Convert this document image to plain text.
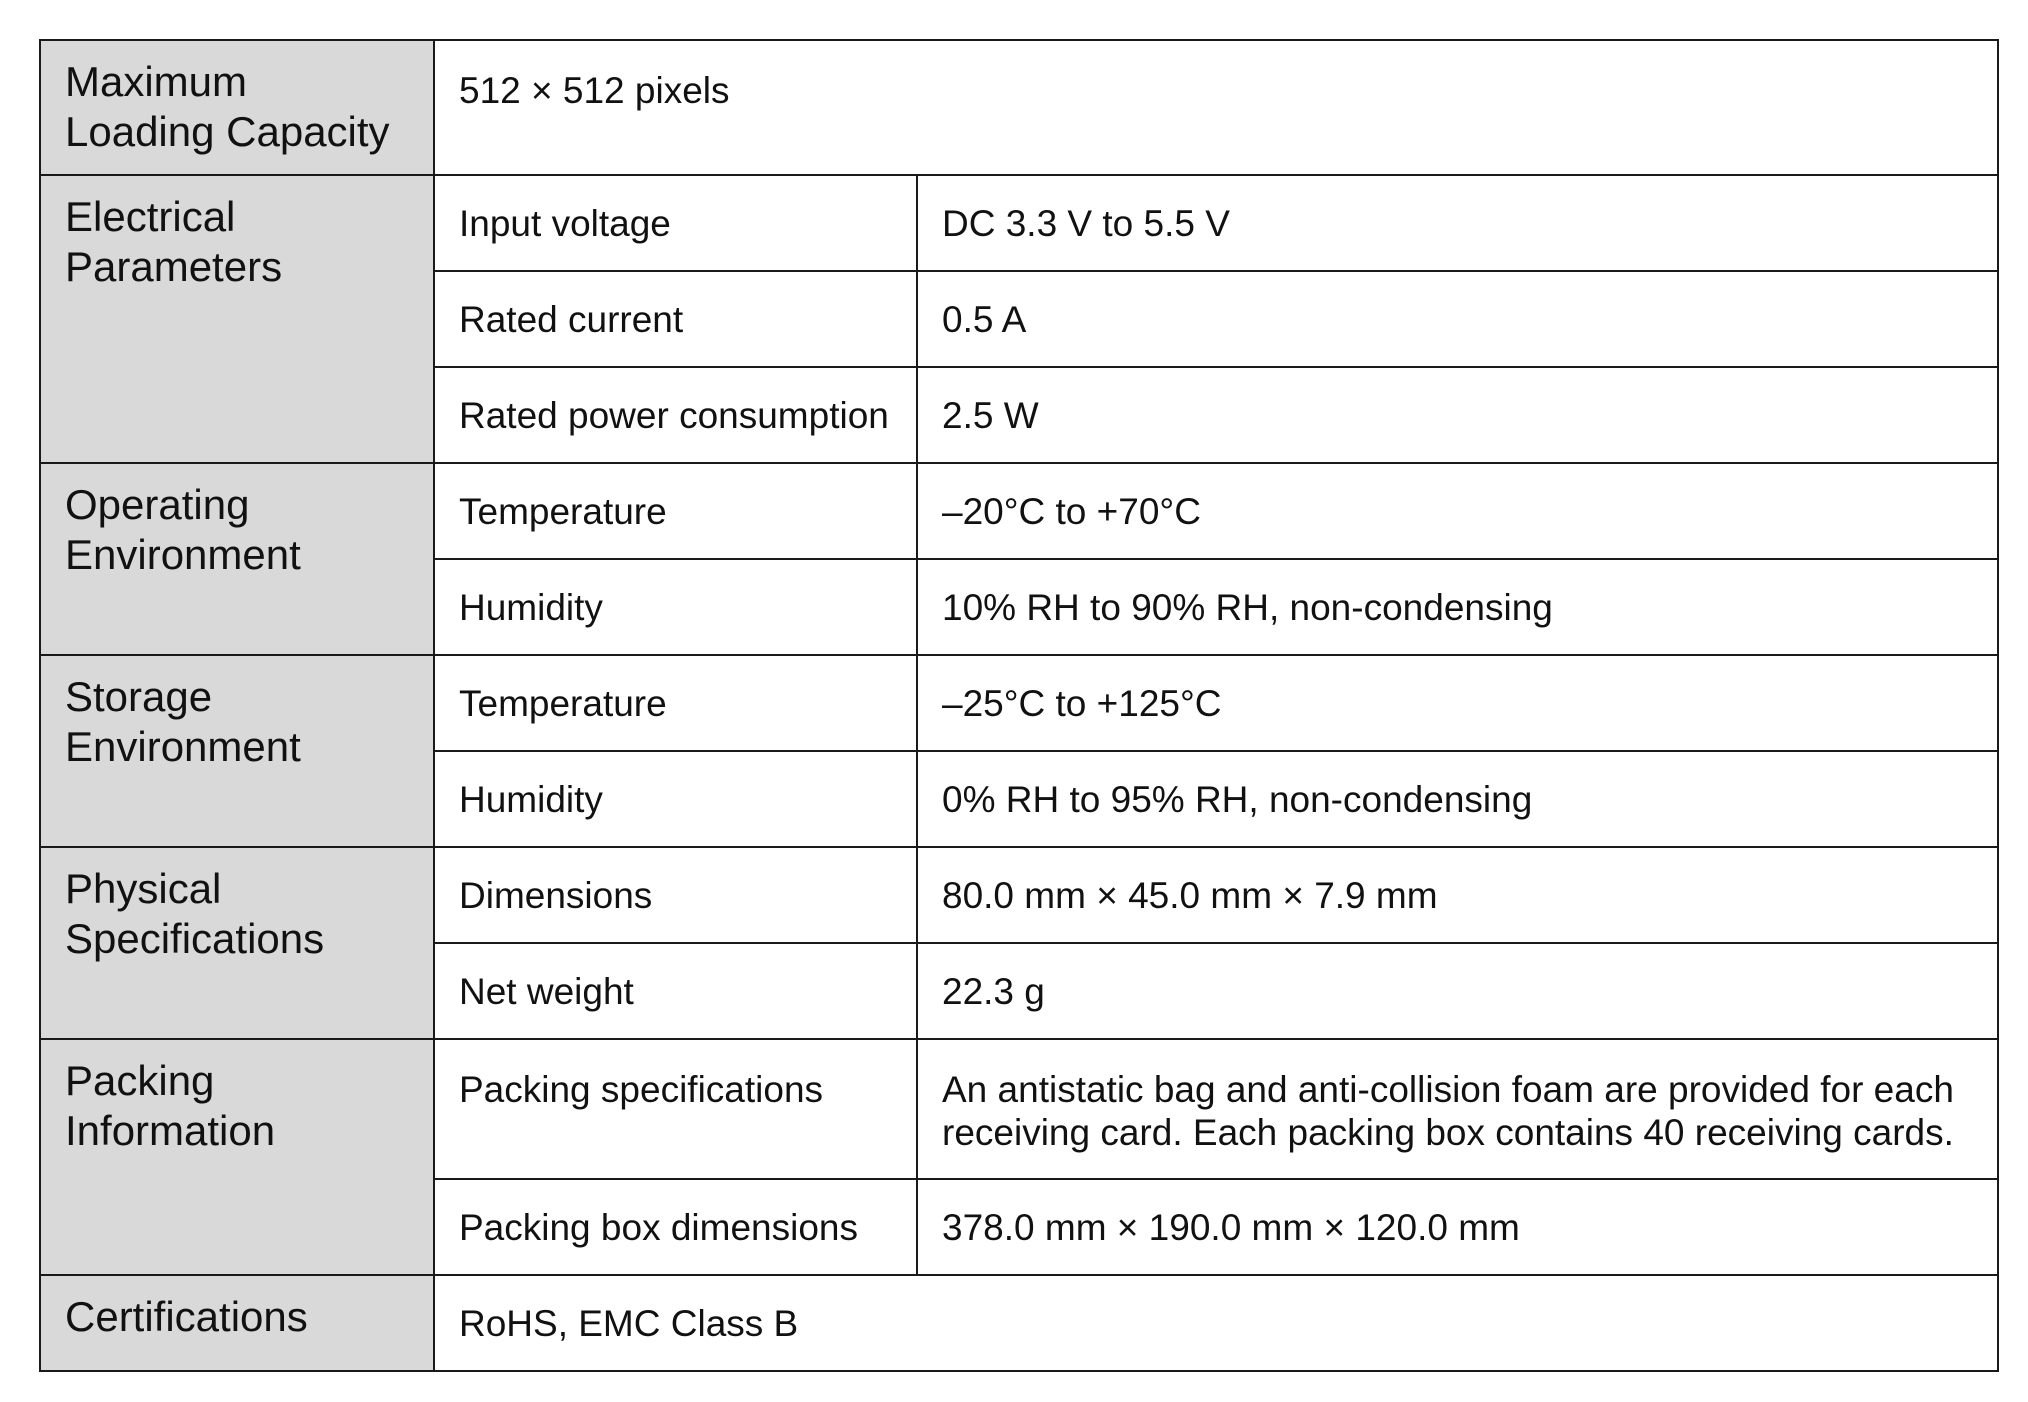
Maximum
Loading Capacity	512 × 512 pixels	

Electrical
Parameters	Input voltage	DC 3.3 V to 5.5 V
	Rated current	0.5 A
	Rated power consumption	2.5 W

Operating
Environment	Temperature	–20°C to +70°C
	Humidity	10% RH to 90% RH, non-condensing

Storage
Environment	Temperature	–25°C to +125°C
	Humidity	0% RH to 95% RH, non-condensing

Physical
Specifications	Dimensions	80.0 mm × 45.0 mm × 7.9 mm
	Net weight	22.3 g

Packing
Information	Packing specifications	An antistatic bag and anti-collision foam are provided for each
receiving card. Each packing box contains 40 receiving cards.

	Packing box dimensions	378.0 mm × 190.0 mm × 120.0 mm

Certifications	RoHS, EMC Class B	
